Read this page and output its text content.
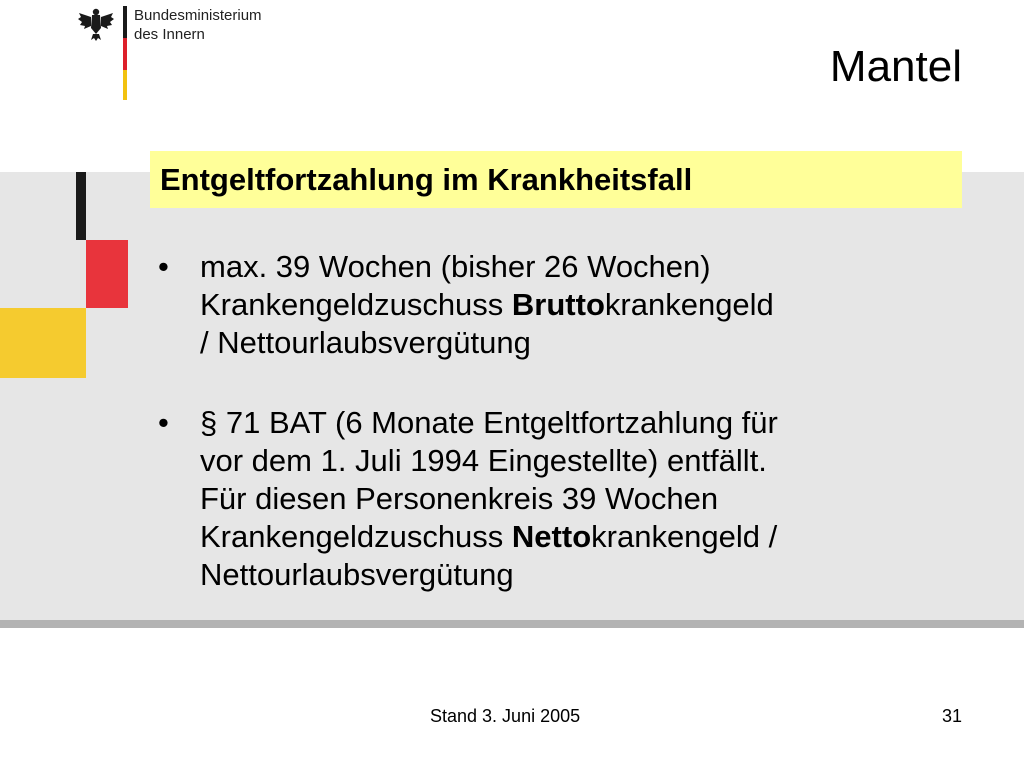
Bundesministerium
des Innern
Mantel
Entgeltfortzahlung im Krankheitsfall
• max. 39 Wochen (bisher 26 Wochen)
Krankengeldzuschuss Bruttokrankengeld
/ Nettourlaubsvergütung
• § 71 BAT (6 Monate Entgeltfortzahlung für
vor dem 1. Juli 1994 Eingestellte) entfällt.
Für diesen Personenkreis 39 Wochen
Krankengeldzuschuss Nettokrankengeld /
Nettourlaubsvergütung
Stand 3. Juni 2005	31
